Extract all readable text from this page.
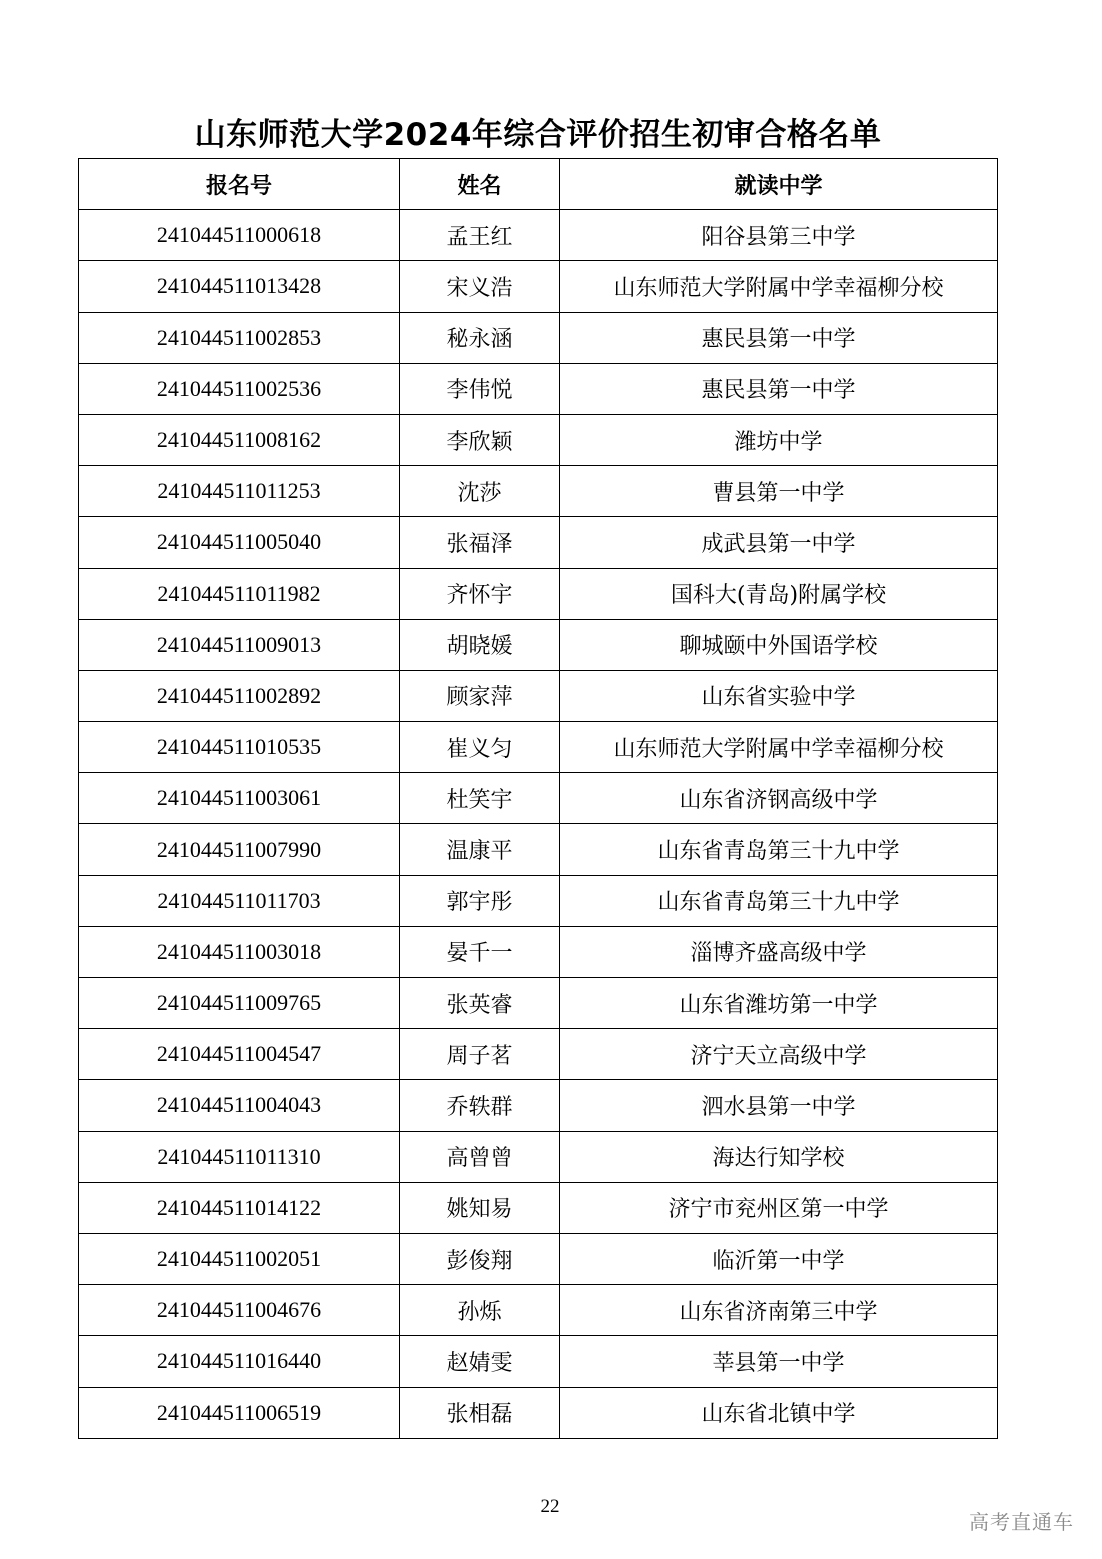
山东师范大学2024年综合评价招生初审合格名单
报名号	姓名	就读中学
241044511000618	孟王红	阳谷县第三中学
241044511013428	宋义浩	山东师范大学附属中学幸福柳分校
241044511002853	秘永涵	惠民县第一中学
241044511002536	李伟悦	惠民县第一中学
241044511008162	李欣颖	潍坊中学
241044511011253	沈莎	曹县第一中学
241044511005040	张福泽	成武县第一中学
241044511011982	齐怀宇	国科大(青岛)附属学校
241044511009013	胡晓媛	聊城颐中外国语学校
241044511002892	顾家萍	山东省实验中学
241044511010535	崔义匀	山东师范大学附属中学幸福柳分校
241044511003061	杜笑宇	山东省济钢高级中学
241044511007990	温康平	山东省青岛第三十九中学
241044511011703	郭宇彤	山东省青岛第三十九中学
241044511003018	晏千一	淄博齐盛高级中学
241044511009765	张英睿	山东省潍坊第一中学
241044511004547	周子茗	济宁天立高级中学
241044511004043	乔轶群	泗水县第一中学
241044511011310	高曾曾	海达行知学校
241044511014122	姚知易	济宁市兖州区第一中学
241044511002051	彭俊翔	临沂第一中学
241044511004676	孙烁	山东省济南第三中学
241044511016440	赵婧雯	莘县第一中学
241044511006519	张相磊	山东省北镇中学
22
高考直通车
